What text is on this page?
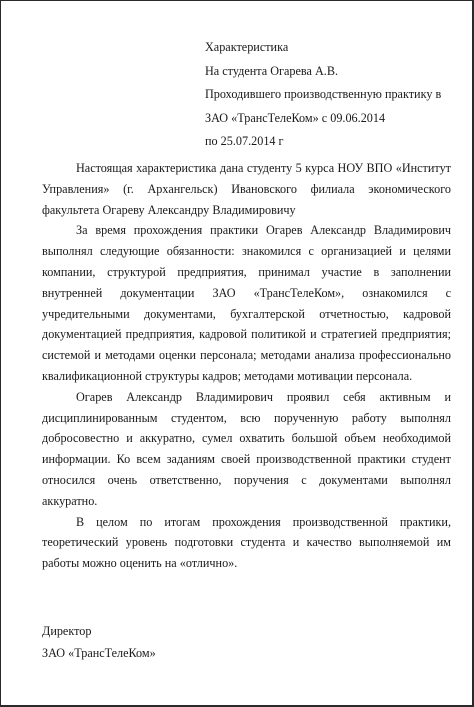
Характеристика
На студента Огарева А.В.
Проходившего производственную практику в
ЗАО «ТрансТелеКом» с 09.06.2014
по 25.07.2014 г

Настоящая характеристика дана студенту 5 курса НОУ ВПО «Институт Управления» (г. Архангельск) Ивановского филиала экономического факультета Огареву Александру Владимировичу

За время прохождения практики Огарев Александр Владимирович выполнял следующие обязанности: знакомился с организацией и целями компании, структурой предприятия, принимал участие в заполнении внутренней документации ЗАО «ТрансТелеКом», ознакомился с учредительными документами, бухгалтерской отчетностью, кадровой документацией предприятия, кадровой политикой и стратегией предприятия; системой и методами оценки персонала; методами анализа профессионально квалификационной структуры кадров; методами мотивации персонала.

Огарев Александр Владимирович проявил себя активным и дисциплинированным студентом, всю порученную работу выполнял добросовестно и аккуратно, сумел охватить большой объем необходимой информации. Ко всем заданиям своей производственной практики студент относился очень ответственно, поручения с документами выполнял аккуратно.

В целом по итогам прохождения производственной практики, теоретический уровень подготовки студента и качество выполняемой им работы можно оценить на «отлично».

Директор
ЗАО «ТрансТелеКом»
